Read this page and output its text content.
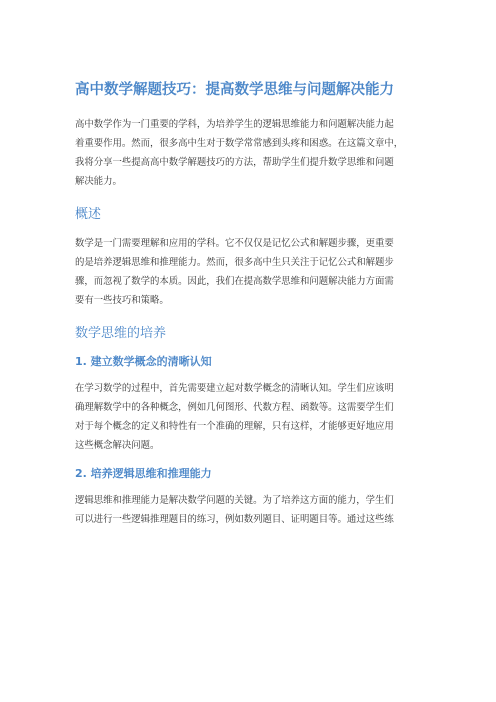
高中数学解题技巧：提高数学思维与问题解决能力

高中数学作为一门重要的学科，为培养学生的逻辑思维能力和问题解决能力起
着重要作用。然而，很多高中生对于数学常常感到头疼和困惑。在这篇文章中，
我将分享一些提高高中数学解题技巧的方法，帮助学生们提升数学思维和问题
解决能力。

概述

数学是一门需要理解和应用的学科。它不仅仅是记忆公式和解题步骤，更重要
的是培养逻辑思维和推理能力。然而，很多高中生只关注于记忆公式和解题步
骤，而忽视了数学的本质。因此，我们在提高数学思维和问题解决能力方面需
要有一些技巧和策略。

数学思维的培养
1. 建立数学概念的清晰认知

在学习数学的过程中，首先需要建立起对数学概念的清晰认知。学生们应该明
确理解数学中的各种概念，例如几何图形、代数方程、函数等。这需要学生们
对于每个概念的定义和特性有一个准确的理解，只有这样，才能够更好地应用
这些概念解决问题。

2. 培养逻辑思维和推理能力

逻辑思维和推理能力是解决数学问题的关键。为了培养这方面的能力，学生们
可以进行一些逻辑推理题目的练习，例如数列题目、证明题目等。通过这些练
